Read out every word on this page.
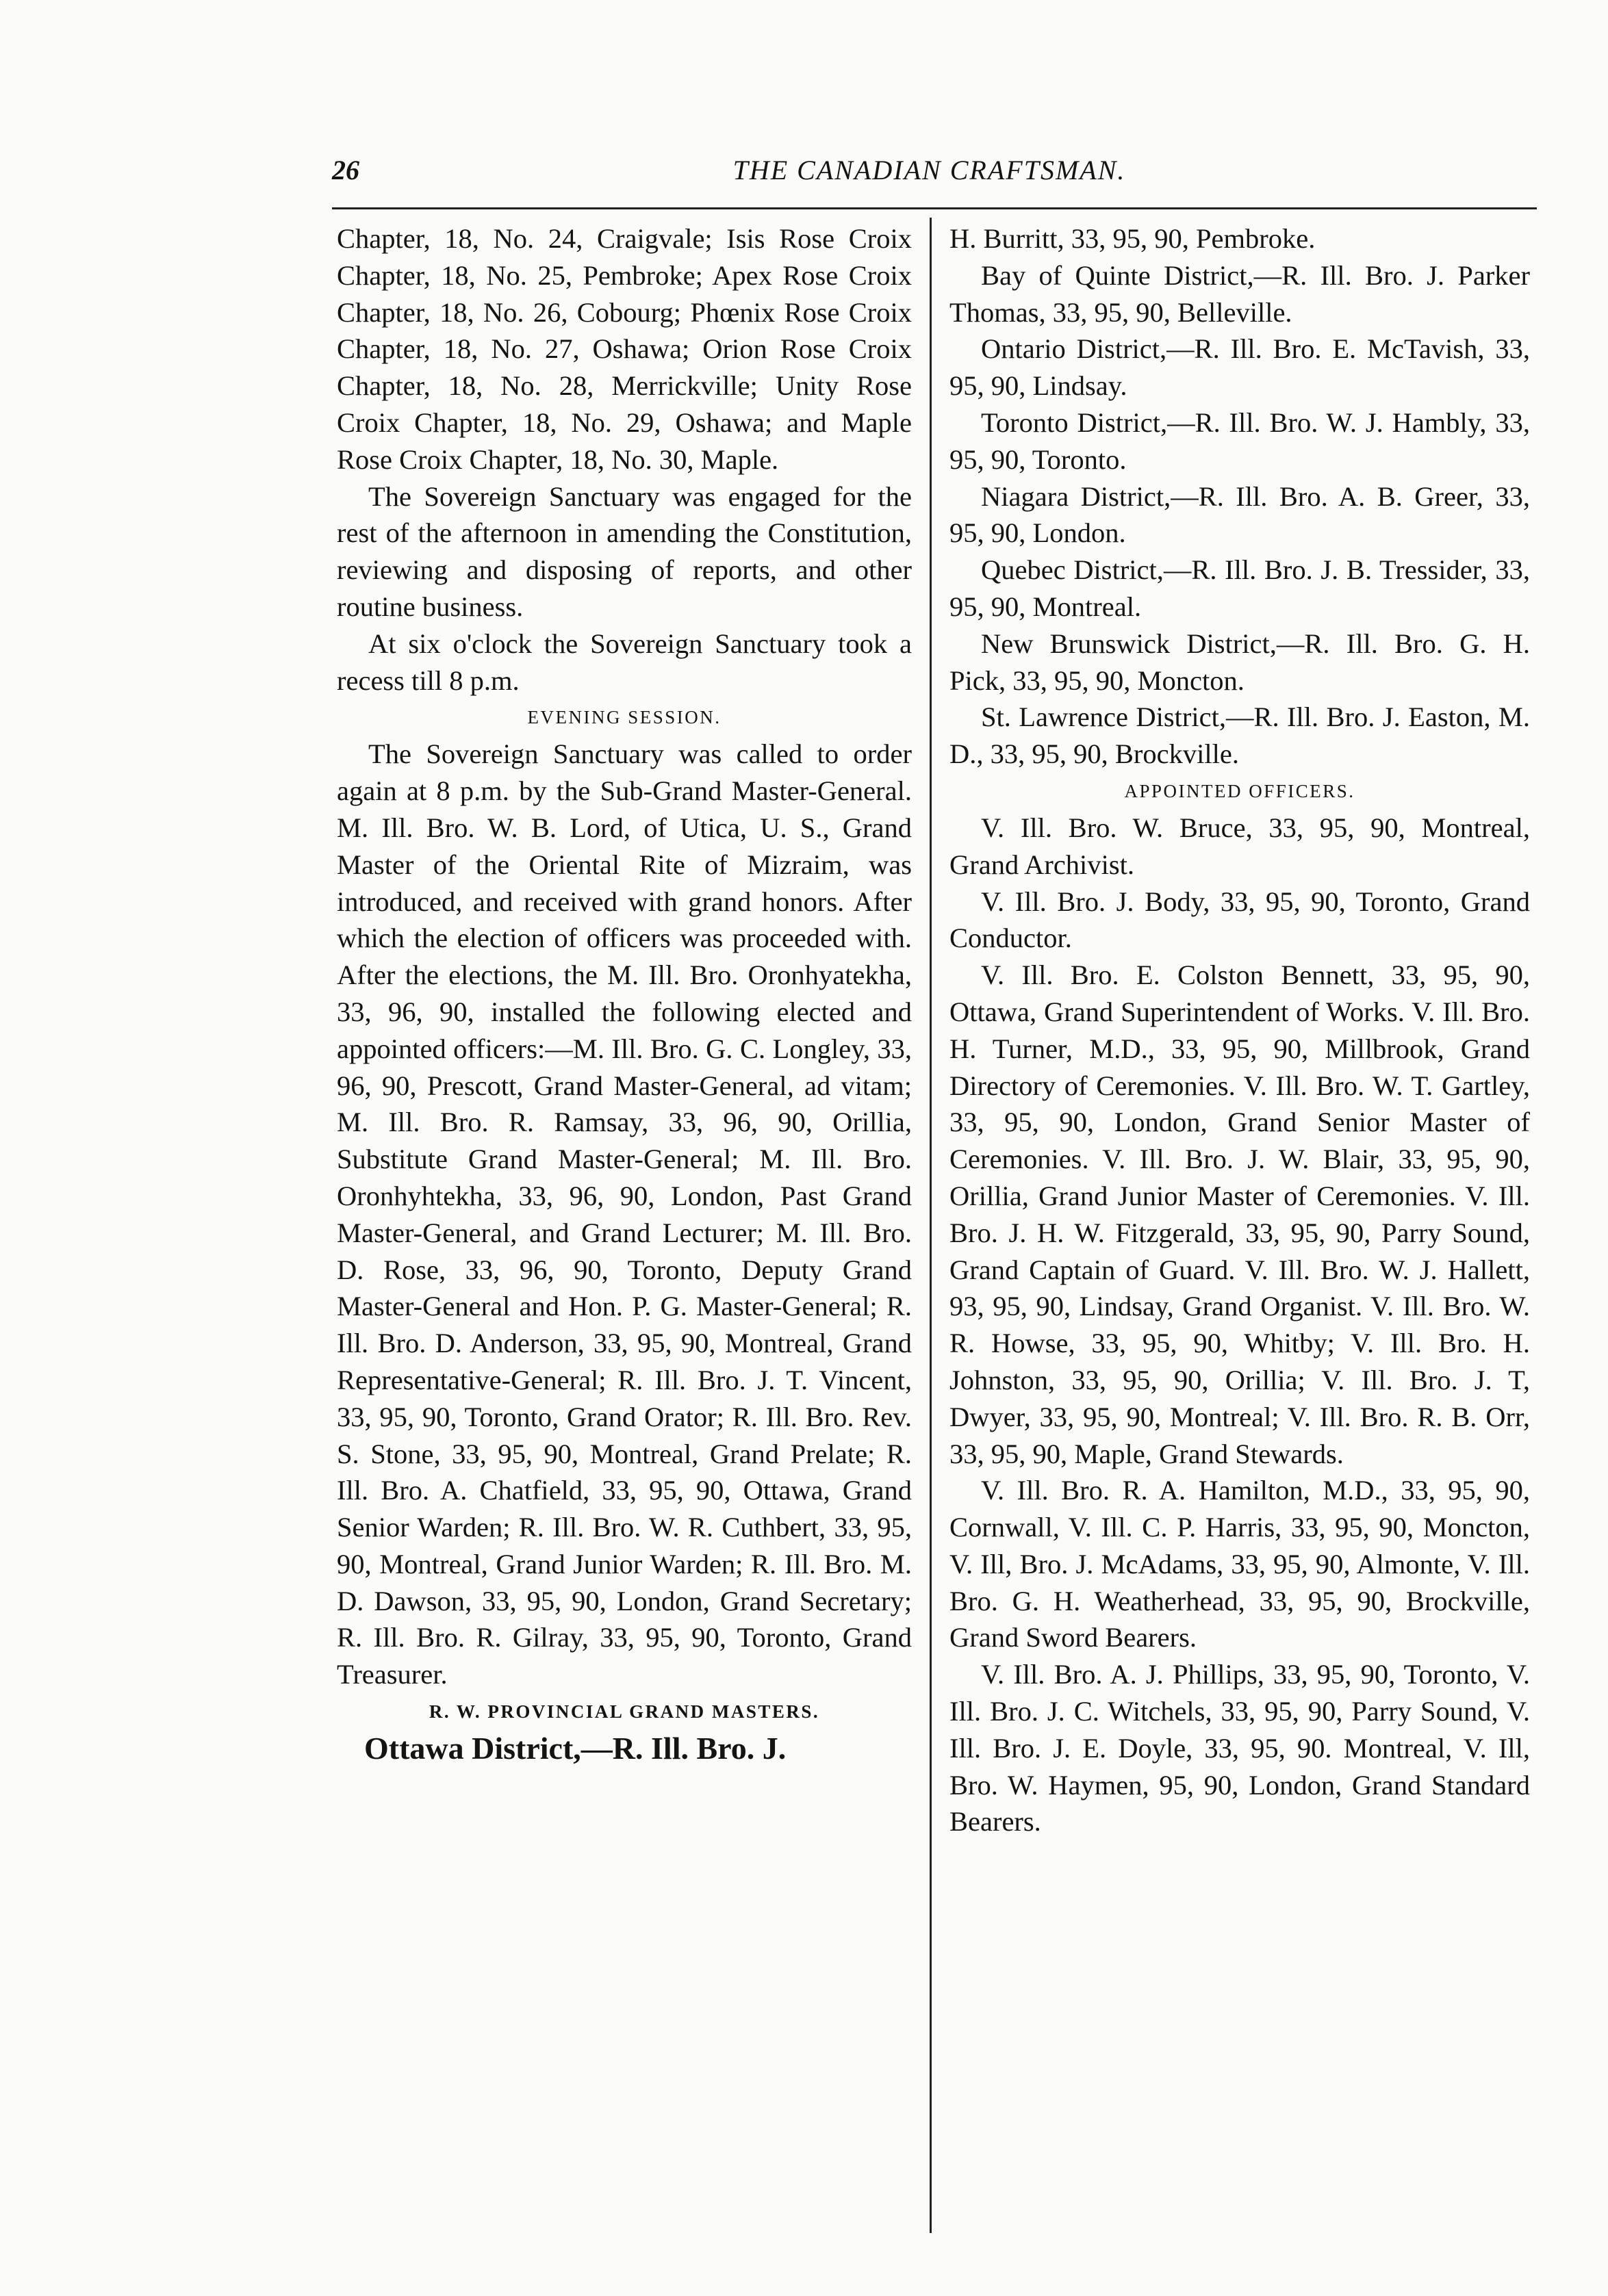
26	THE CANADIAN CRAFTSMAN.

Chapter, 18, No. 24, Craigvale; Isis Rose Croix Chapter, 18, No. 25, Pembroke; Apex Rose Croix Chapter, 18, No. 26, Cobourg; Phœnix Rose Croix Chapter, 18, No. 27, Oshawa; Orion Rose Croix Chapter, 18, No. 28, Merrickville; Unity Rose Croix Chapter, 18, No. 29, Oshawa; and Maple Rose Croix Chapter, 18, No. 30, Maple.

The Sovereign Sanctuary was engaged for the rest of the afternoon in amending the Constitution, reviewing and disposing of reports, and other routine business.

At six o'clock the Sovereign Sanctuary took a recess till 8 p.m.

EVENING SESSION.

The Sovereign Sanctuary was called to order again at 8 p.m. by the Sub-Grand Master-General. M. Ill. Bro. W. B. Lord, of Utica, U. S., Grand Master of the Oriental Rite of Mizraim, was introduced, and received with grand honors. After which the election of officers was proceeded with. After the elections, the M. Ill. Bro. Oronhyatekha, 33, 96, 90, installed the following elected and appointed officers:—M. Ill. Bro. G. C. Longley, 33, 96, 90, Prescott, Grand Master-General, ad vitam; M. Ill. Bro. R. Ramsay, 33, 96, 90, Orillia, Substitute Grand Master-General; M. Ill. Bro. Oronhyhtekha, 33, 96, 90, London, Past Grand Master-General, and Grand Lecturer; M. Ill. Bro. D. Rose, 33, 96, 90, Toronto, Deputy Grand Master-General and Hon. P. G. Master-General; R. Ill. Bro. D. Anderson, 33, 95, 90, Montreal, Grand Representative-General; R. Ill. Bro. J. T. Vincent, 33, 95, 90, Toronto, Grand Orator; R. Ill. Bro. Rev. S. Stone, 33, 95, 90, Montreal, Grand Prelate; R. Ill. Bro. A. Chatfield, 33, 95, 90, Ottawa, Grand Senior Warden; R. Ill. Bro. W. R. Cuthbert, 33, 95, 90, Montreal, Grand Junior Warden; R. Ill. Bro. M. D. Dawson, 33, 95, 90, London, Grand Secretary; R. Ill. Bro. R. Gilray, 33, 95, 90, Toronto, Grand Treasurer.

R. W. PROVINCIAL GRAND MASTERS.

Ottawa District,—R. Ill. Bro. J.

H. Burritt, 33, 95, 90, Pembroke.

Bay of Quinte District,—R. Ill. Bro. J. Parker Thomas, 33, 95, 90, Belleville.

Ontario District,—R. Ill. Bro. E. McTavish, 33, 95, 90, Lindsay.

Toronto District,—R. Ill. Bro. W. J. Hambly, 33, 95, 90, Toronto.

Niagara District,—R. Ill. Bro. A. B. Greer, 33, 95, 90, London.

Quebec District,—R. Ill. Bro. J. B. Tressider, 33, 95, 90, Montreal.

New Brunswick District,—R. Ill. Bro. G. H. Pick, 33, 95, 90, Moncton.

St. Lawrence District,—R. Ill. Bro. J. Easton, M. D., 33, 95, 90, Brockville.

APPOINTED OFFICERS.

V. Ill. Bro. W. Bruce, 33, 95, 90, Montreal, Grand Archivist.

V. Ill. Bro. J. Body, 33, 95, 90, Toronto, Grand Conductor.

V. Ill. Bro. E. Colston Bennett, 33, 95, 90, Ottawa, Grand Superintendent of Works. V. Ill. Bro. H. Turner, M.D., 33, 95, 90, Millbrook, Grand Directory of Ceremonies. V. Ill. Bro. W. T. Gartley, 33, 95, 90, London, Grand Senior Master of Ceremonies. V. Ill. Bro. J. W. Blair, 33, 95, 90, Orillia, Grand Junior Master of Ceremonies. V. Ill. Bro. J. H. W. Fitzgerald, 33, 95, 90, Parry Sound, Grand Captain of Guard. V. Ill. Bro. W. J. Hallett, 93, 95, 90, Lindsay, Grand Organist. V. Ill. Bro. W. R. Howse, 33, 95, 90, Whitby; V. Ill. Bro. H. Johnston, 33, 95, 90, Orillia; V. Ill. Bro. J. T, Dwyer, 33, 95, 90, Montreal; V. Ill. Bro. R. B. Orr, 33, 95, 90, Maple, Grand Stewards.

V. Ill. Bro. R. A. Hamilton, M.D., 33, 95, 90, Cornwall, V. Ill. C. P. Harris, 33, 95, 90, Moncton, V. Ill, Bro. J. McAdams, 33, 95, 90, Almonte, V. Ill. Bro. G. H. Weatherhead, 33, 95, 90, Brockville, Grand Sword Bearers.

V. Ill. Bro. A. J. Phillips, 33, 95, 90, Toronto, V. Ill. Bro. J. C. Witchels, 33, 95, 90, Parry Sound, V. Ill. Bro. J. E. Doyle, 33, 95, 90. Montreal, V. Ill, Bro. W. Haymen, 95, 90, London, Grand Standard Bearers.
